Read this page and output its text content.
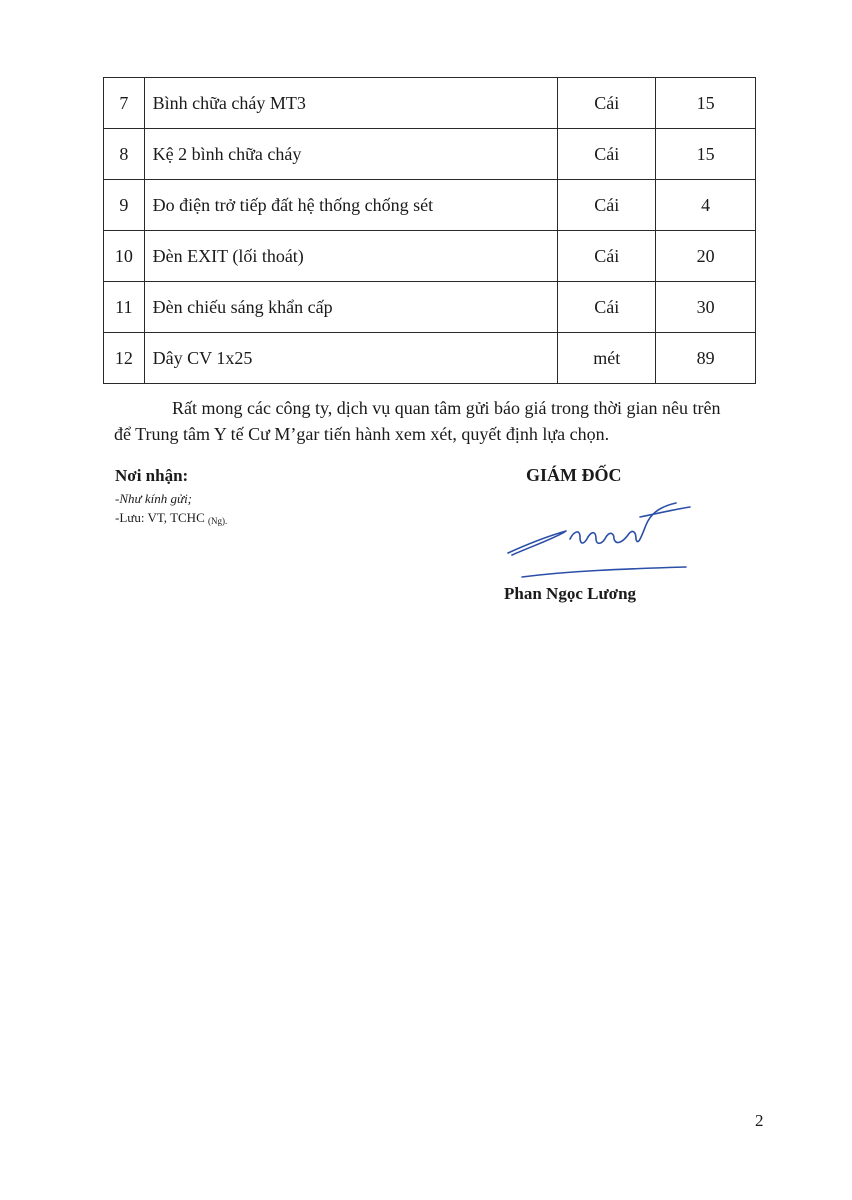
7	Bình chữa cháy MT3	Cái	15
8	Kệ 2 bình chữa cháy	Cái	15
9	Đo điện trở tiếp đất hệ thống chống sét	Cái	4
10	Đèn EXIT (lối thoát)	Cái	20
11	Đèn chiếu sáng khẩn cấp	Cái	30
12	Dây CV 1x25	mét	89

Rất mong các công ty, dịch vụ quan tâm gửi báo giá trong thời gian nêu trên

để Trung tâm Y tế Cư M’gar tiến hành xem xét, quyết định lựa chọn.

Nơi nhận:
-Như kính gửi;
-Lưu: VT, TCHC (Ng).
GIÁM ĐỐC
Phan Ngọc Lương
2
